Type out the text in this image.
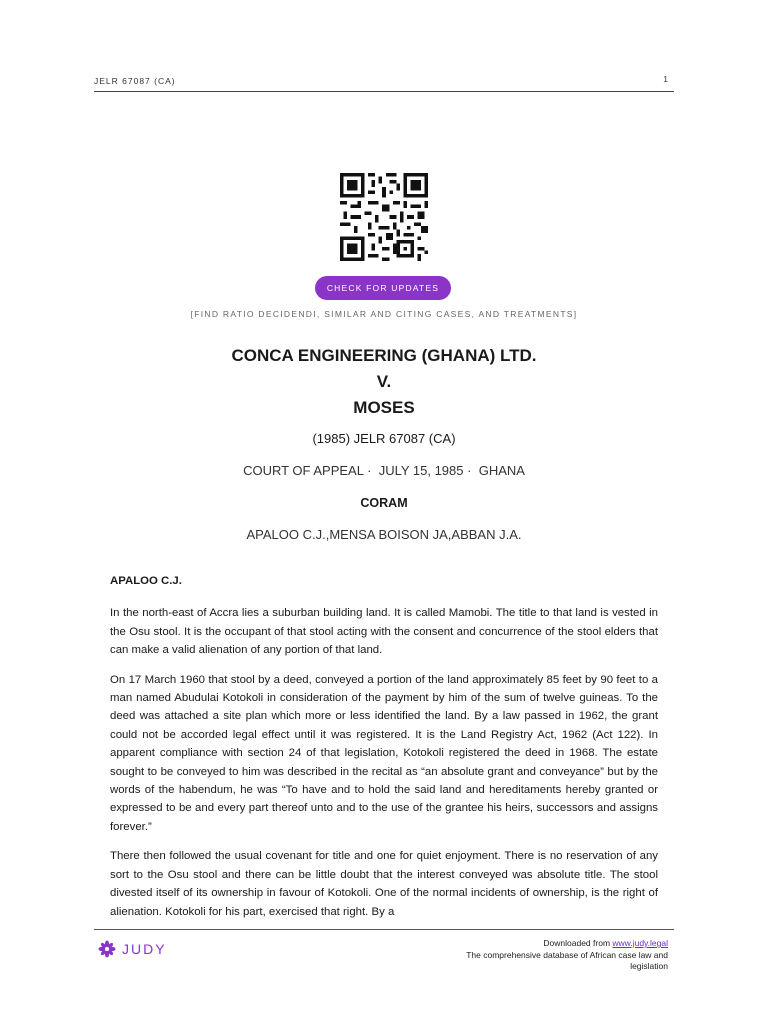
JELR 67087 (CA)	1
CHECK FOR UPDATES
[FIND RATIO DECIDENDI, SIMILAR AND CITING CASES, AND TREATMENTS]
CONCA ENGINEERING (GHANA) LTD.
V.
MOSES
(1985) JELR 67087 (CA)
COURT OF APPEAL · JULY 15, 1985 · GHANA
CORAM
APALOO C.J.,MENSA BOISON JA,ABBAN J.A.
APALOO C.J.

In the north-east of Accra lies a suburban building land. It is called Mamobi. The title to that land is vested in the Osu stool. It is the occupant of that stool acting with the consent and concurrence of the stool elders that can make a valid alienation of any portion of that land.

On 17 March 1960 that stool by a deed, conveyed a portion of the land approximately 85 feet by 90 feet to a man named Abudulai Kotokoli in consideration of the payment by him of the sum of twelve guineas. To the deed was attached a site plan which more or less identified the land. By a law passed in 1962, the grant could not be accorded legal effect until it was registered. It is the Land Registry Act, 1962 (Act 122). In apparent compliance with section 24 of that legislation, Kotokoli registered the deed in 1968. The estate sought to be conveyed to him was described in the recital as “an absolute grant and conveyance” but by the words of the habendum, he was “To have and to hold the said land and hereditaments hereby granted or expressed to be and every part thereof unto and to the use of the grantee his heirs, successors and assigns forever.”

There then followed the usual covenant for title and one for quiet enjoyment. There is no reservation of any sort to the Osu stool and there can be little doubt that the interest conveyed was absolute title. The stool divested itself of its ownership in favour of Kotokoli. One of the normal incidents of ownership, is the right of alienation. Kotokoli for his part, exercised that right. By a

JUDY	Downloaded from www.judy.legal
The comprehensive database of African case law and legislation
